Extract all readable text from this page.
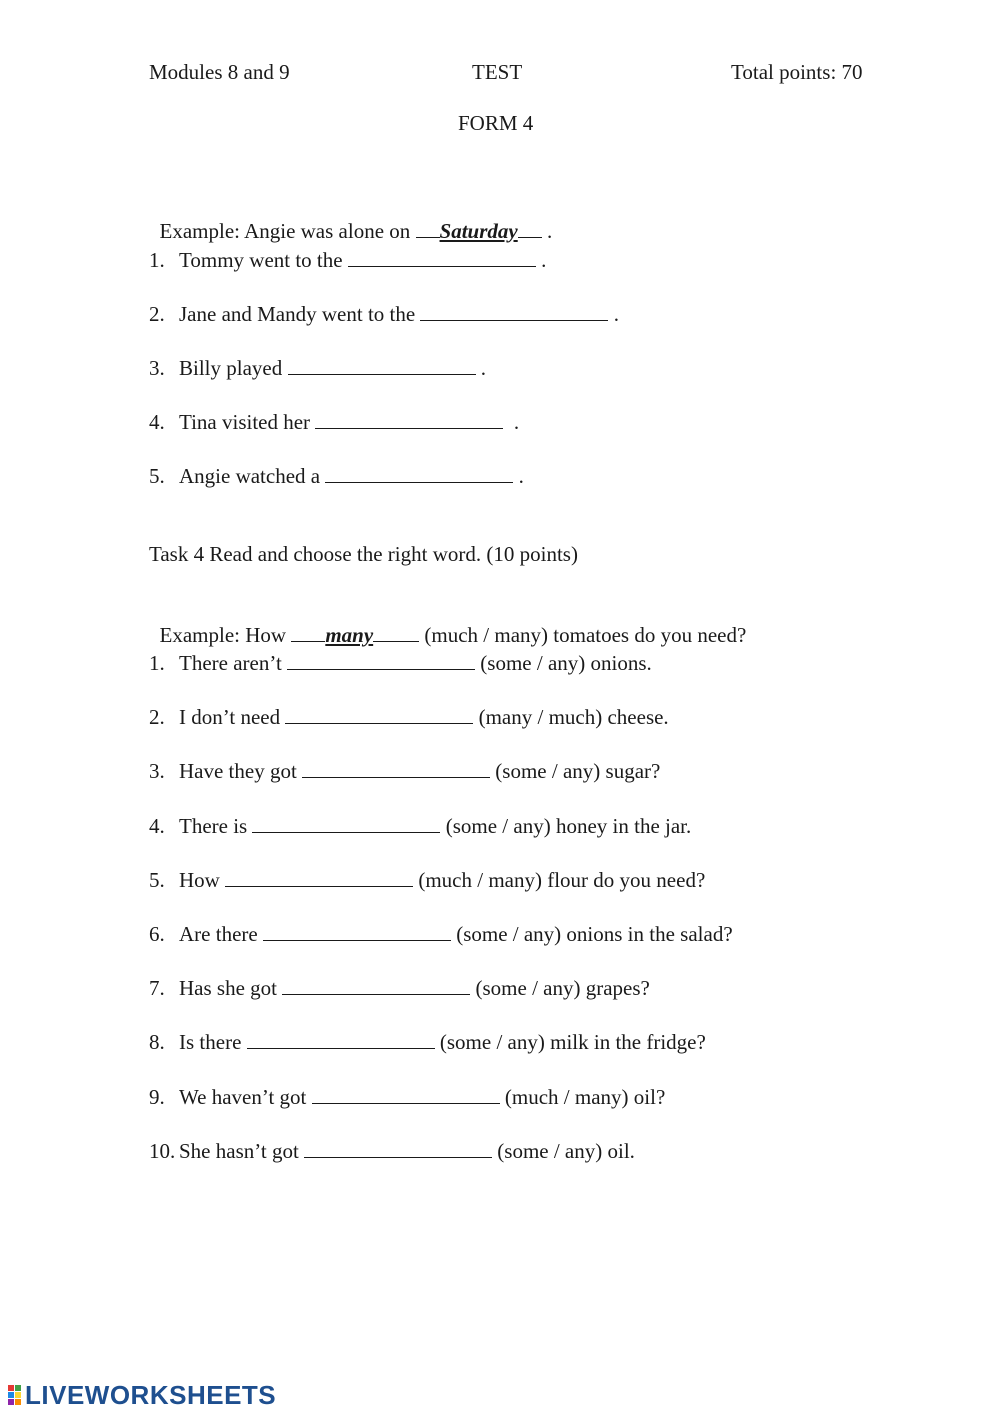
Modules 8 and 9	TEST	Total points: 70
FORM 4

Example: Angie was alone on Saturday .

1. Tommy went to the	.
2. Jane and Mandy went to the	.
3. Billy played	.
4. Tina visited her	.
5. Angie watched a	.
Task 4 Read and choose the right word. (10 points)

Example: How many (much / many) tomatoes do you need?

1. There aren’t	(some / any) onions.
2. I don’t need	(many / much) cheese.
3. Have they got	(some / any) sugar?
4. There is	(some / any) honey in the jar.
5. How	(much / many) flour do you need?
6. Are there	(some / any) onions in the salad?
7. Has she got	(some / any) grapes?
8. Is there	(some / any) milk in the fridge?
9. We haven’t got	(much / many) oil?
10. She hasn’t got	(some / any) oil.
LIVEWORKSHEETS
